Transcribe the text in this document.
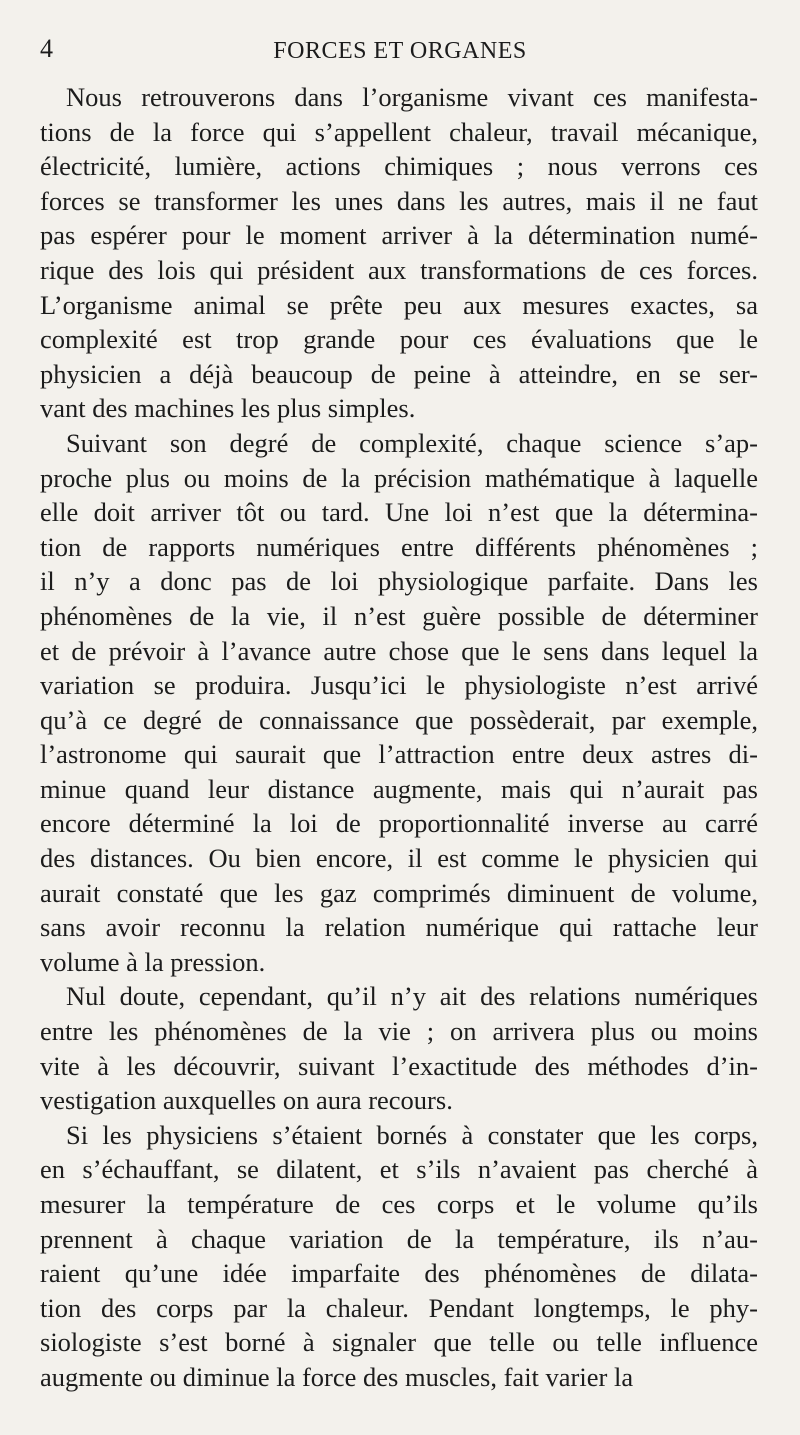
4	FORCES ET ORGANES
Nous retrouverons dans l’organisme vivant ces manifesta-
tions de la force qui s’appellent chaleur, travail mécanique,
électricité, lumière, actions chimiques ; nous verrons ces
forces se transformer les unes dans les autres, mais il ne faut
pas espérer pour le moment arriver à la détermination numé-
rique des lois qui président aux transformations de ces forces.
L’organisme animal se prête peu aux mesures exactes, sa
complexité est trop grande pour ces évaluations que le
physicien a déjà beaucoup de peine à atteindre, en se ser-
vant des machines les plus simples.
Suivant son degré de complexité, chaque science s’ap-
proche plus ou moins de la précision mathématique à laquelle
elle doit arriver tôt ou tard. Une loi n’est que la détermina-
tion de rapports numériques entre différents phénomènes ;
il n’y a donc pas de loi physiologique parfaite. Dans les
phénomènes de la vie, il n’est guère possible de déterminer
et de prévoir à l’avance autre chose que le sens dans lequel la
variation se produira. Jusqu’ici le physiologiste n’est arrivé
qu’à ce degré de connaissance que possèderait, par exemple,
l’astronome qui saurait que l’attraction entre deux astres di-
minue quand leur distance augmente, mais qui n’aurait pas
encore déterminé la loi de proportionnalité inverse au carré
des distances. Ou bien encore, il est comme le physicien qui
aurait constaté que les gaz comprimés diminuent de volume,
sans avoir reconnu la relation numérique qui rattache leur
volume à la pression.
Nul doute, cependant, qu’il n’y ait des relations numériques
entre les phénomènes de la vie ; on arrivera plus ou moins
vite à les découvrir, suivant l’exactitude des méthodes d’in-
vestigation auxquelles on aura recours.
Si les physiciens s’étaient bornés à constater que les corps,
en s’échauffant, se dilatent, et s’ils n’avaient pas cherché à
mesurer la température de ces corps et le volume qu’ils
prennent à chaque variation de la température, ils n’au-
raient qu’une idée imparfaite des phénomènes de dilata-
tion des corps par la chaleur. Pendant longtemps, le phy-
siologiste s’est borné à signaler que telle ou telle influence
augmente ou diminue la force des muscles, fait varier la
